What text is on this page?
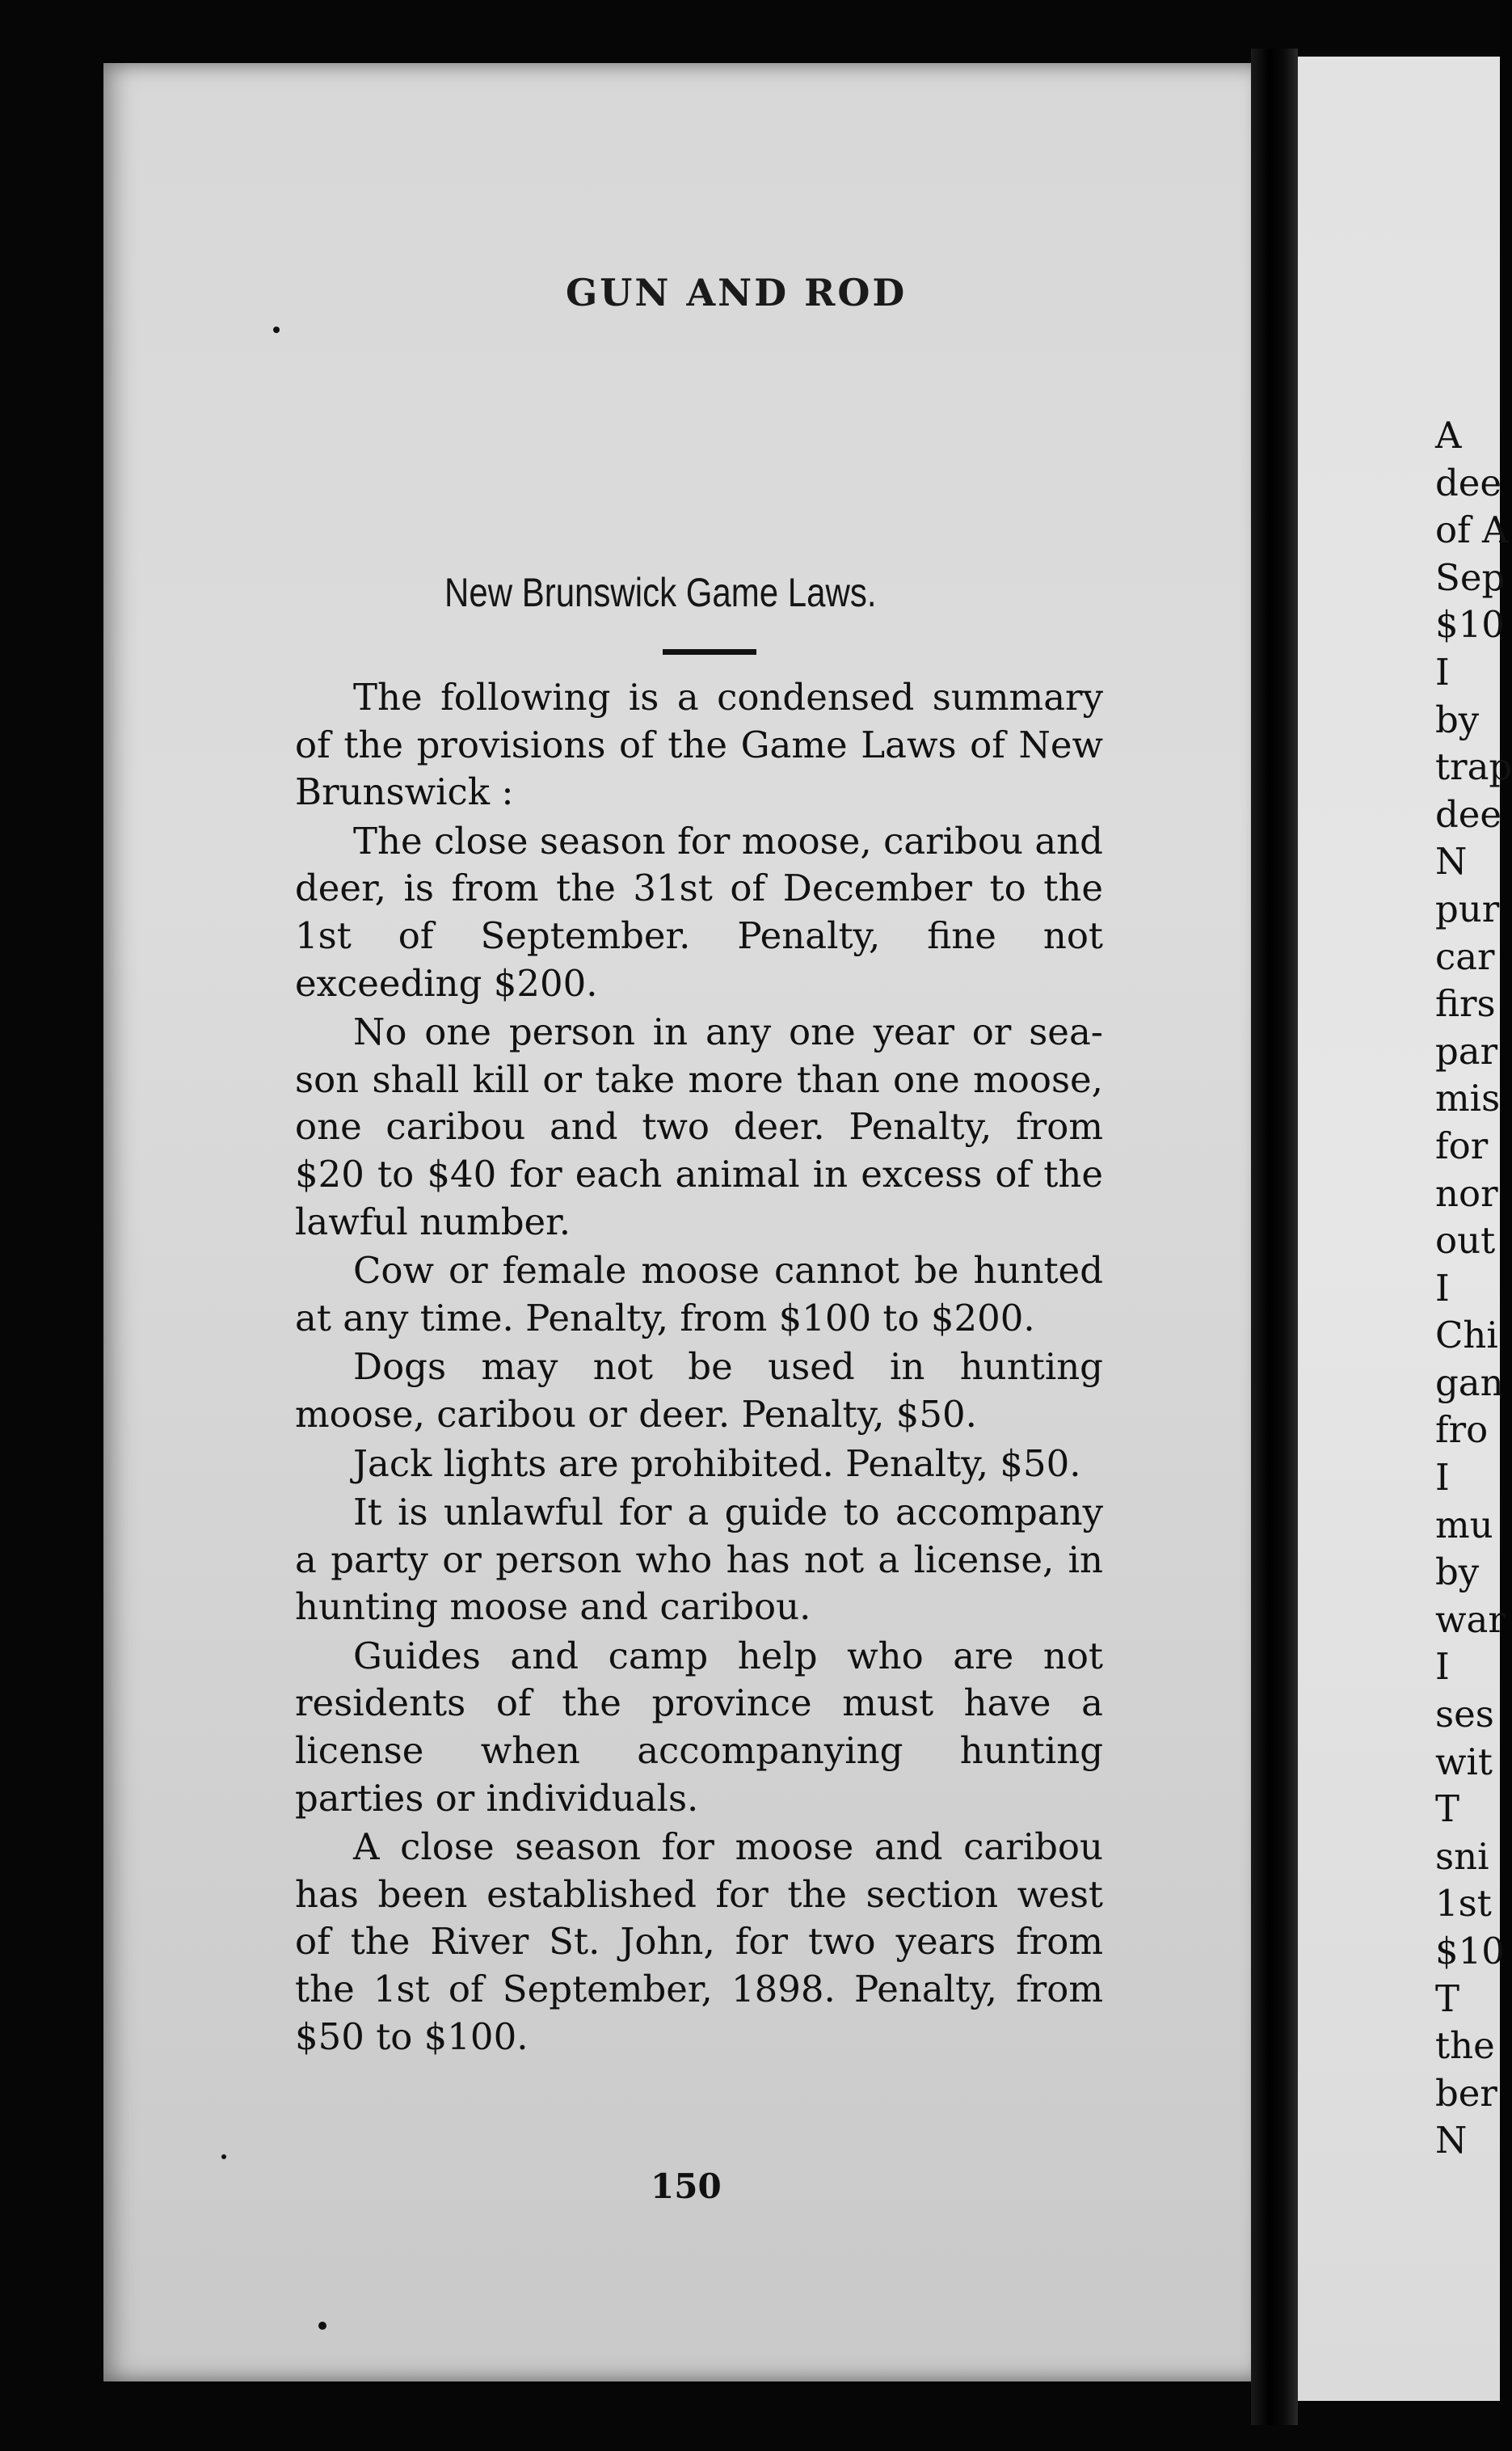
GUN AND ROD
New Brunswick Game Laws.

The following is a condensed summary of the provisions of the Game Laws of New Brunswick :

The close season for moose, caribou and deer, is from the 31st of December to the 1st of September. Penalty, fine not exceeding $200.

No one person in any one year or season shall kill or take more than one moose, one caribou and two deer. Penalty, from $20 to $40 for each animal in excess of the lawful number.

Cow or female moose cannot be hunted at any time. Penalty, from $100 to $200.

Dogs may not be used in hunting moose, caribou or deer. Penalty, $50.

Jack lights are prohibited. Penalty, $50.

It is unlawful for a guide to accompany a party or person who has not a license, in hunting moose and caribou.

Guides and camp help who are not residents of the province must have a license when accompanying hunting parties or individuals.

A close season for moose and caribou has been established for the section west of the River St. John, for two years from the 1st of September, 1898. Penalty, from $50 to $100.

150
A
dee
of A
Sep
$10
I
by
trap
dee
N
pur
car
firs
par
mis
for
nor
out
I
Chi
gan
fro
I
mu
by
war
I
ses
wit
T
sni
1st
$10
T
the
ber
N
